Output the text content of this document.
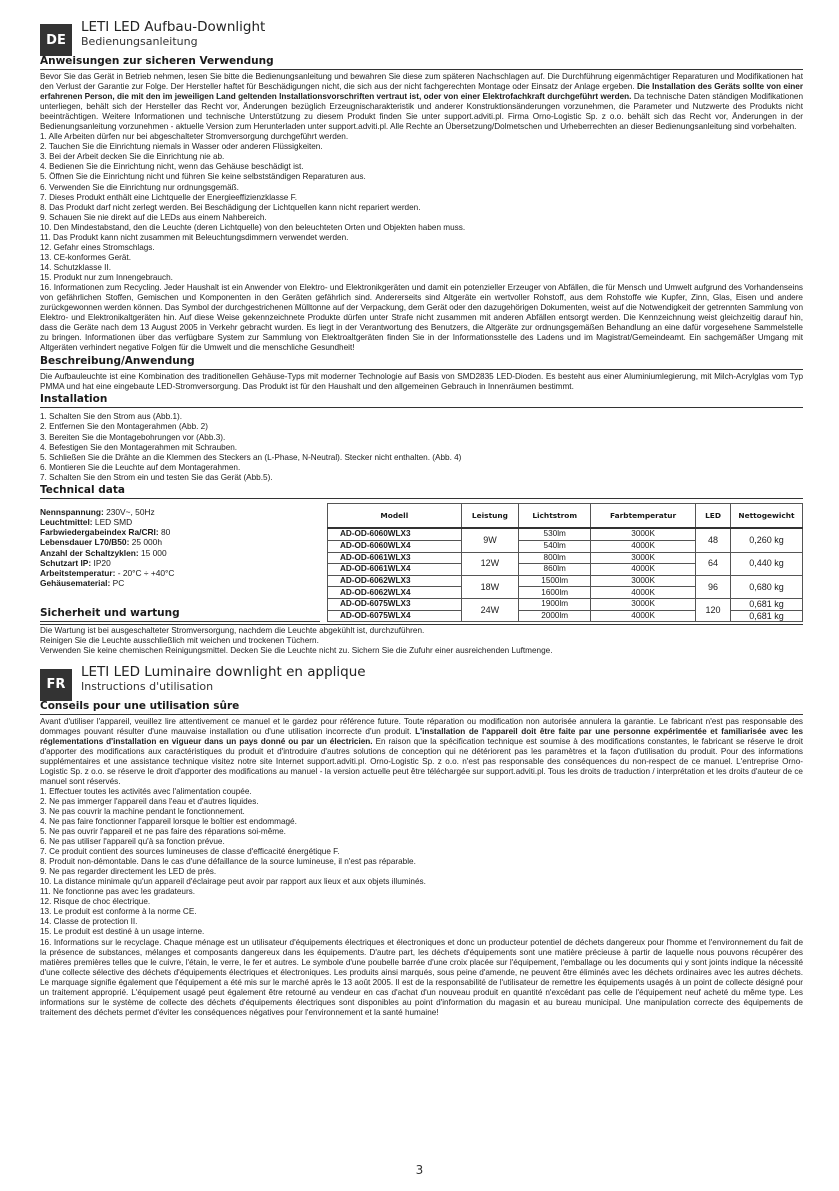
DE
LETI LED Aufbau-Downlight
Bedienungsanleitung
Anweisungen zur sicheren Verwendung
Bevor Sie das Gerät in Betrieb nehmen, lesen Sie bitte die Bedienungsanleitung und bewahren Sie diese zum späteren Nachschlagen auf. Die Durchführung eigenmächtiger Reparaturen und Modifikationen hat den Verlust der Garantie zur Folge. Der Hersteller haftet für Beschädigungen nicht, die sich aus der nicht fachgerechten Montage oder Einsatz der Anlage ergeben. Die Installation des Geräts sollte von einer erfahrenen Person, die mit den im jeweiligen Land geltenden Installationsvorschriften vertraut ist, oder von einer Elektrofachkraft durchgeführt werden. Da technische Daten ständigen Modifikationen unterliegen, behält sich der Hersteller das Recht vor, Änderungen bezüglich Erzeugnischarakteristik und anderer Konstruktionsänderungen vorzunehmen, die Parameter und Nutzwerte des Produkts nicht beeinträchtigen. Weitere Informationen und technische Unterstützung zu diesem Produkt finden Sie unter support.adviti.pl. Firma Orno-Logistic Sp. z o.o. behält sich das Recht vor, Änderungen in der Bedienungsanleitung vorzunehmen - aktuelle Version zum Herunterladen unter support.adviti.pl. Alle Rechte an Übersetzung/Dolmetschen und Urheberrechten an dieser Bedienungsanleitung sind vorbehalten.
1. Alle Arbeiten dürfen nur bei abgeschalteter Stromversorgung durchgeführt werden.
2. Tauchen Sie die Einrichtung niemals in Wasser oder anderen Flüssigkeiten.
3. Bei der Arbeit decken Sie die Einrichtung nie ab.
4. Bedienen Sie die Einrichtung nicht, wenn das Gehäuse beschädigt ist.
5. Öffnen Sie die Einrichtung nicht und führen Sie keine selbstständigen Reparaturen aus.
6. Verwenden Sie die Einrichtung nur ordnungsgemäß.
7. Dieses Produkt enthält eine Lichtquelle der Energieeffizienzklasse F.
8. Das Produkt darf nicht zerlegt werden. Bei Beschädigung der Lichtquellen kann nicht repariert werden.
9. Schauen Sie nie direkt auf die LEDs aus einem Nahbereich.
10. Den Mindestabstand, den die Leuchte (deren Lichtquelle) von den beleuchteten Orten und Objekten haben muss.
11. Das Produkt kann nicht zusammen mit Beleuchtungsdimmern verwendet werden.
12. Gefahr eines Stromschlags.
13. CE-konformes Gerät.
14. Schutzklasse II.
15. Produkt nur zum Innengebrauch.
16. Informationen zum Recycling. Jeder Haushalt ist ein Anwender von Elektro- und Elektronikgeräten und damit ein potenzieller Erzeuger von Abfällen, die für Mensch und Umwelt aufgrund des Vorhandenseins von gefährlichen Stoffen, Gemischen und Komponenten in den Geräten gefährlich sind. Andererseits sind Altgeräte ein wertvoller Rohstoff, aus dem Rohstoffe wie Kupfer, Zinn, Glas, Eisen und andere zurückgewonnen werden können. Das Symbol der durchgestrichenen Mülltonne auf der Verpackung, dem Gerät oder den dazugehörigen Dokumenten, weist auf die Notwendigkeit der getrennten Sammlung von Elektro- und Elektronikaltgeräten hin. Auf diese Weise gekennzeichnete Produkte dürfen unter Strafe nicht zusammen mit anderen Abfällen entsorgt werden. Die Kennzeichnung weist gleichzeitig darauf hin, dass die Geräte nach dem 13 August 2005 in Verkehr gebracht wurden. Es liegt in der Verantwortung des Benutzers, die Altgeräte zur ordnungsgemäßen Behandlung an eine dafür vorgesehene Sammelstelle zu bringen. Informationen über das verfügbare System zur Sammlung von Elektroaltgeräten finden Sie in der Informationsstelle des Ladens und im Magistrat/Gemeindeamt. Ein sachgemäßer Umgang mit Altgeräten verhindert negative Folgen für die Umwelt und die menschliche Gesundheit!
Beschreibung/Anwendung
Die Aufbauleuchte ist eine Kombination des traditionellen Gehäuse-Typs mit moderner Technologie auf Basis von SMD2835 LED-Dioden. Es besteht aus einer Aluminiumlegierung, mit Milch-Acrylglas vom Typ PMMA und hat eine eingebaute LED-Stromversorgung. Das Produkt ist für den Haushalt und den allgemeinen Gebrauch in Innenräumen bestimmt.
Installation
1. Schalten Sie den Strom aus (Abb.1).
2. Entfernen Sie den Montagerahmen (Abb. 2)
3. Bereiten Sie die Montagebohrungen vor (Abb.3).
4. Befestigen Sie den Montagerahmen mit Schrauben.
5. Schließen Sie die Drähte an die Klemmen des Steckers an (L-Phase, N-Neutral). Stecker nicht enthalten. (Abb. 4)
6. Montieren Sie die Leuchte auf dem Montagerahmen.
7. Schalten Sie den Strom ein und testen Sie das Gerät (Abb.5).
Technical data
Nennspannung: 230V~, 50Hz
Leuchtmittel: LED SMD
Farbwiedergabeindex Ra/CRI: 80
Lebensdauer L70/B50: 25 000h
Anzahl der Schaltzyklen: 15 000
Schutzart IP: IP20
Arbeitstemperatur: - 20°C ÷ +40°C
Gehäusematerial: PC
Sicherheit und wartung
Modell	Leistung	Lichtstrom	Farbtemperatur	LED	Nettogewicht
AD-OD-6060WLX3	9W	530lm	3000K	48	0,260 kg
AD-OD-6060WLX4		540lm	4000K		
AD-OD-6061WLX3	12W	800lm	3000K	64	0,440 kg
AD-OD-6061WLX4		860lm	4000K		
AD-OD-6062WLX3	18W	1500lm	3000K	96	0,680 kg
AD-OD-6062WLX4		1600lm	4000K		
AD-OD-6075WLX3	24W	1900lm	3000K	120	0,681 kg
AD-OD-6075WLX4		2000lm	4000K		0,681 kg
Die Wartung ist bei ausgeschalteter Stromversorgung, nachdem die Leuchte abgekühlt ist, durchzuführen.
Reinigen Sie die Leuchte ausschließlich mit weichen und trockenen Tüchern.
Verwenden Sie keine chemischen Reinigungsmittel. Decken Sie die Leuchte nicht zu. Sichern Sie die Zufuhr einer ausreichenden Luftmenge.
FR
LETI LED Luminaire downlight en applique
Instructions d'utilisation
Conseils pour une utilisation sûre
Avant d'utiliser l'appareil, veuillez lire attentivement ce manuel et le gardez pour référence future. Toute réparation ou modification non autorisée annulera la garantie. Le fabricant n'est pas responsable des dommages pouvant résulter d'une mauvaise installation ou d'une utilisation incorrecte d'un produit. L'installation de l'appareil doit être faite par une personne expérimentée et familiarisée avec les réglementations d'installation en vigueur dans un pays donné ou par un électricien. En raison que la spécification technique est soumise à des modifications constantes, le fabricant se réserve le droit d'apporter des modifications aux caractéristiques du produit et d'introduire d'autres solutions de conception qui ne détériorent pas les paramètres et la façon d'utilisation du produit. Pour des informations supplémentaires et une assistance technique visitez notre site Internet support.adviti.pl. Orno-Logistic Sp. z o.o. n'est pas responsable des conséquences du non-respect de ce manuel. L'entreprise Orno-Logistic Sp. z o.o. se réserve le droit d'apporter des modifications au manuel - la version actuelle peut être téléchargée sur support.adviti.pl. Tous les droits de traduction / interprétation et les droits d'auteur de ce manuel sont réservés.
1. Effectuer toutes les activités avec l'alimentation coupée.
2. Ne pas immerger l'appareil dans l'eau et d'autres liquides.
3. Ne pas couvrir la machine pendant le fonctionnement.
4. Ne pas faire fonctionner l'appareil lorsque le boîtier est endommagé.
5. Ne pas ouvrir l'appareil et ne pas faire des réparations soi-même.
6. Ne pas utiliser l'appareil qu'à sa fonction prévue.
7. Ce produit contient des sources lumineuses de classe d'efficacité énergétique F.
8. Produit non-démontable. Dans le cas d'une défaillance de la source lumineuse, il n'est pas réparable.
9. Ne pas regarder directement les LED de près.
10. La distance minimale qu'un appareil d'éclairage peut avoir par rapport aux lieux et aux objets illuminés.
11. Ne fonctionne pas avec les gradateurs.
12. Risque de choc électrique.
13. Le produit est conforme à la norme CE.
14. Classe de protection II.
15. Le produit est destiné à un usage interne.
16. Informations sur le recyclage. Chaque ménage est un utilisateur d'équipements électriques et électroniques et donc un producteur potentiel de déchets dangereux pour l'homme et l'environnement du fait de la présence de substances, mélanges et composants dangereux dans les équipements. D'autre part, les déchets d'équipements sont une matière précieuse à partir de laquelle nous pouvons récupérer des matières premières telles que le cuivre, l'étain, le verre, le fer et autres. Le symbole d'une poubelle barrée d'une croix placée sur l'équipement, l'emballage ou les documents qui y sont joints indique la nécessité d'une collecte sélective des déchets d'équipements électriques et électroniques. Les produits ainsi marqués, sous peine d'amende, ne peuvent être éliminés avec les déchets ordinaires avec les autres déchets. Le marquage signifie également que l'équipement a été mis sur le marché après le 13 août 2005. Il est de la responsabilité de l'utilisateur de remettre les équipements usagés à un point de collecte désigné pour un traitement approprié. L'équipement usagé peut également être retourné au vendeur en cas d'achat d'un nouveau produit en quantité n'excédant pas celle de l'équipement neuf acheté du même type. Les informations sur le système de collecte des déchets d'équipements électriques sont disponibles au point d'information du magasin et au bureau municipal. Une manipulation correcte des équipements de traitement des déchets permet d'éviter les conséquences négatives pour l'environnement et la santé humaine!
3
